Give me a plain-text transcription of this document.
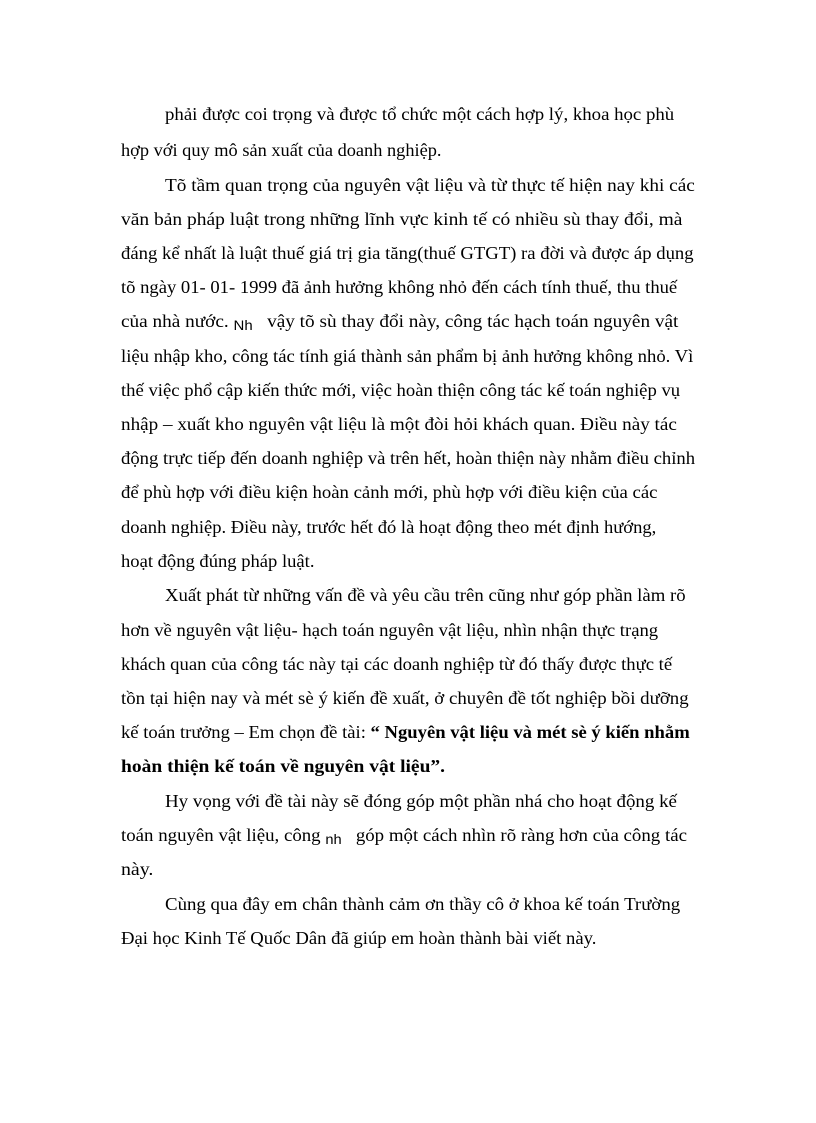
phải được coi trọng và được tổ chức một cách hợp lý, khoa học phù
hợp với quy mô sản xuất của doanh nghiệp.
Tõ tầm quan trọng của nguyên vật liệu và từ thực tế hiện nay khi các
văn bản pháp luật trong những lĩnh vực kinh tế có nhiều sù thay đổi, mà
đáng kể nhất là luật thuế giá trị gia tăng(thuế GTGT) ra đời và được áp dụng
tõ ngày 01- 01- 1999 đã ảnh hưởng không nhỏ đến cách tính thuế, thu thuế
của nhà nước. Nh vậy tõ sù thay đổi này, công tác hạch toán nguyên vật
liệu nhập kho, công tác tính giá thành sản phẩm bị ảnh hưởng không nhỏ. Vì
thế việc phổ cập kiến thức mới, việc hoàn thiện công tác kế toán nghiệp vụ
nhập – xuất kho nguyên vật liệu là một đòi hỏi khách quan. Điều này tác
động trực tiếp đến doanh nghiệp và trên hết, hoàn thiện này nhằm điều chỉnh
để phù hợp với điều kiện hoàn cảnh mới, phù hợp với điều kiện của các
doanh nghiệp. Điều này, trước hết đó là hoạt động theo mét định hướng,
hoạt động đúng pháp luật.
Xuất phát từ những vấn đề và yêu cầu trên cũng như góp phần làm rõ
hơn về nguyên vật liệu- hạch toán nguyên vật liệu, nhìn nhận thực trạng
khách quan của công tác này tại các doanh nghiệp từ đó thấy được thực tế
tồn tại hiện nay và mét sè ý kiến đề xuất, ở chuyên đề tốt nghiệp bồi dưỡng
kế toán trưởng – Em chọn đề tài: “ Nguyên vật liệu và mét sè ý kiến nhằm
hoàn thiện kế toán về nguyên vật liệu”.
Hy vọng với đề tài này sẽ đóng góp một phần nhá cho hoạt động kế
toán nguyên vật liệu, công nh góp một cách nhìn rõ ràng hơn của công tác
này.
Cùng qua đây em chân thành cảm ơn thầy cô ở khoa kế toán Trường
Đại học Kinh Tế Quốc Dân đã giúp em hoàn thành bài viết này.
